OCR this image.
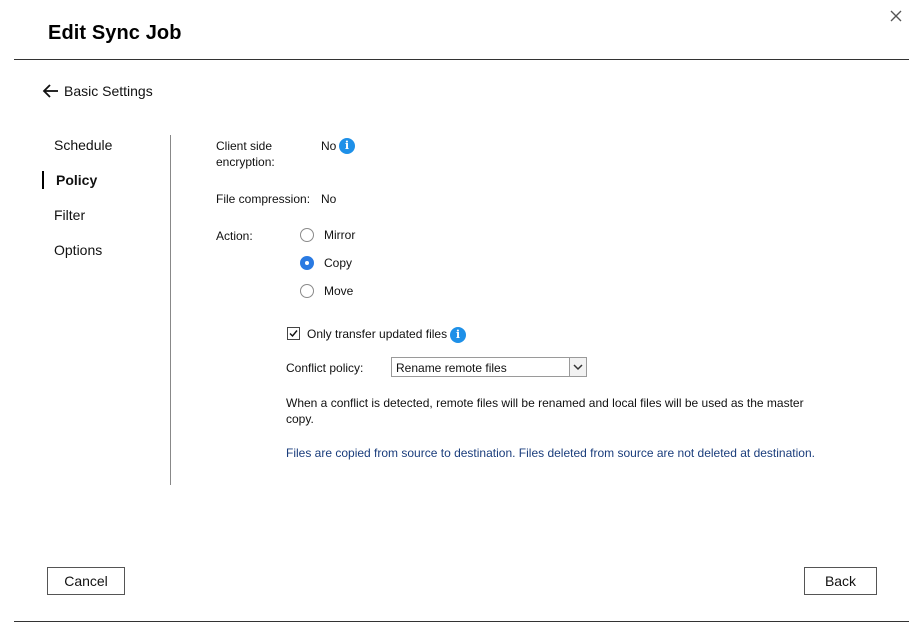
Edit Sync Job
Basic Settings
Schedule
Policy
Filter
Options
Client side
encryption:
No i
File compression: No
Action:	Mirror
Copy
Move
Only transfer updated files i
Conflict policy:	Rename remote files
When a conflict is detected, remote files will be renamed and local files will be used as the master copy.
Files are copied from source to destination. Files deleted from source are not deleted at destination.
Cancel	Back
